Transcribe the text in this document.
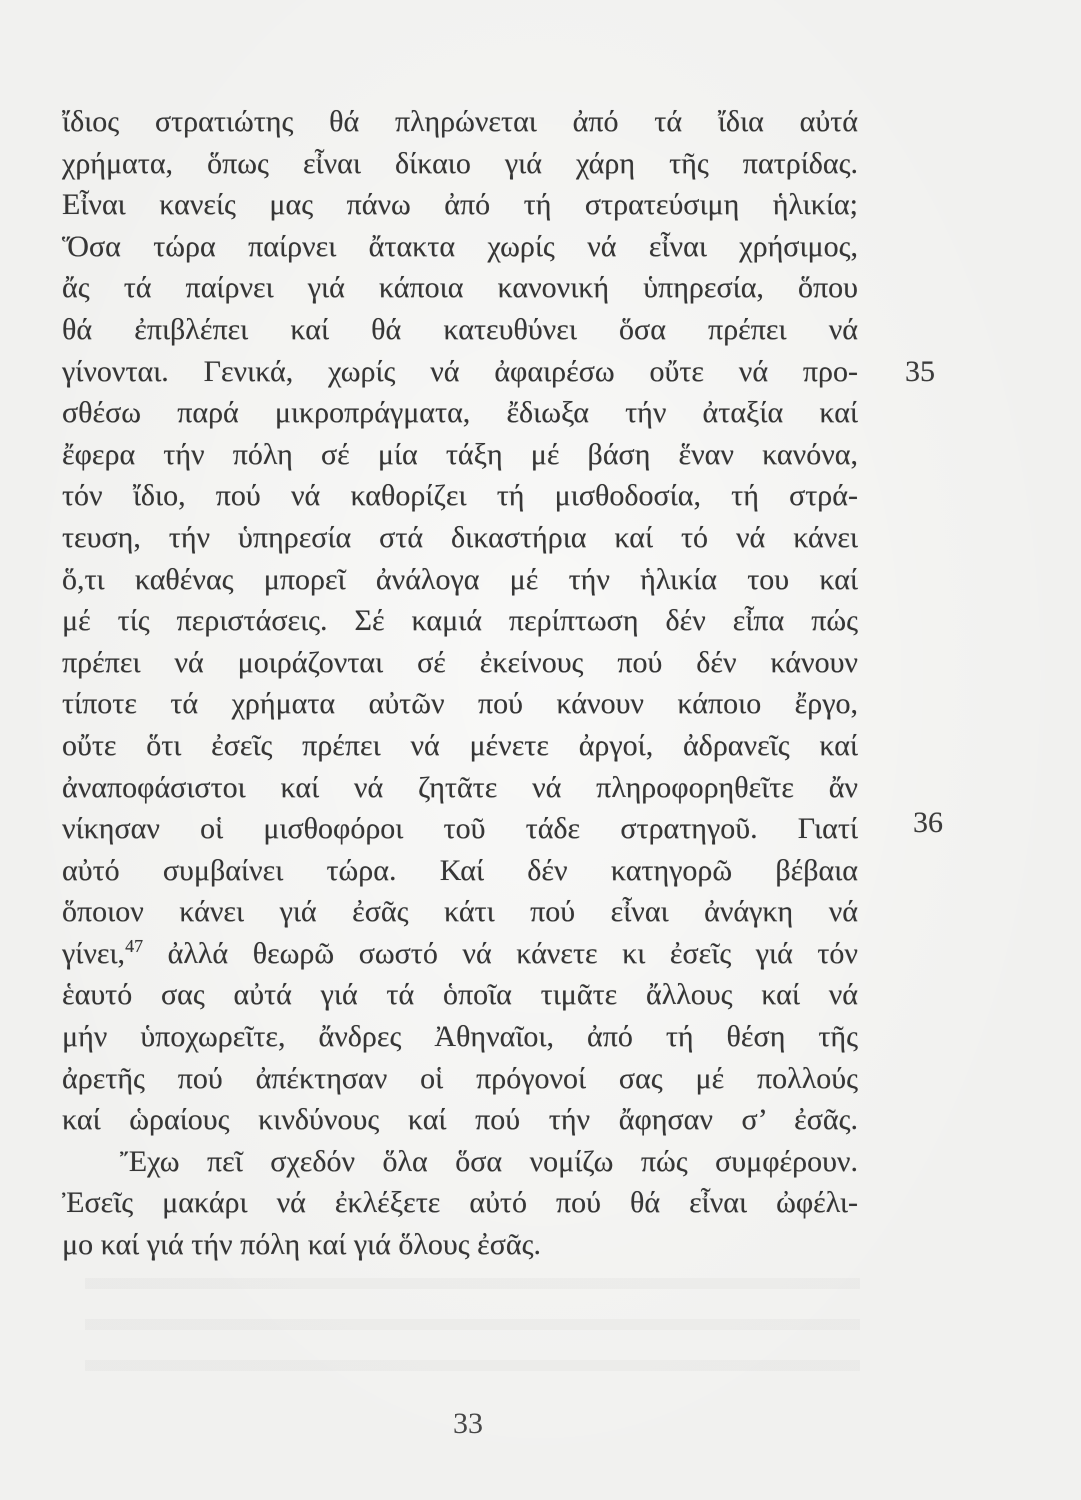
ἴδιος στρατιώτης θά πληρώνεται ἀπό τά ἴδια αὐτά
χρήματα, ὅπως εἶναι δίκαιο γιά χάρη τῆς πατρίδας.
Εἶναι κανείς μας πάνω ἀπό τή στρατεύσιμη ἡλικία;
Ὅσα τώρα παίρνει ἄτακτα χωρίς νά εἶναι χρήσιμος,
ἄς τά παίρνει γιά κάποια κανονική ὑπηρεσία, ὅπου
θά ἐπιβλέπει καί θά κατευθύνει ὅσα πρέπει νά
γίνονται. Γενικά, χωρίς νά ἀφαιρέσω οὔτε νά προ- 35
σθέσω παρά μικροπράγματα, ἔδιωξα τήν ἀταξία καί
ἔφερα τήν πόλη σέ μία τάξη μέ βάση ἕναν κανόνα,
τόν ἴδιο, πού νά καθορίζει τή μισθοδοσία, τή στρά-
τευση, τήν ὑπηρεσία στά δικαστήρια καί τό νά κάνει
ὅ,τι καθένας μπορεῖ ἀνάλογα μέ τήν ἡλικία του καί
μέ τίς περιστάσεις. Σέ καμιά περίπτωση δέν εἶπα πώς
πρέπει νά μοιράζονται σέ ἐκείνους πού δέν κάνουν
τίποτε τά χρήματα αὐτῶν πού κάνουν κάποιο ἔργο,
οὔτε ὅτι ἐσεῖς πρέπει νά μένετε ἀργοί, ἀδρανεῖς καί
ἀναποφάσιστοι καί νά ζητᾶτε νά πληροφορηθεῖτε ἄν
νίκησαν οἱ μισθοφόροι τοῦ τάδε στρατηγοῦ. Γιατί 36
αὐτό συμβαίνει τώρα. Καί δέν κατηγορῶ βέβαια
ὅποιον κάνει γιά ἐσᾶς κάτι πού εἶναι ἀνάγκη νά
γίνει,$^{47}$ ἀλλά θεωρῶ σωστό νά κάνετε κι ἐσεῖς γιά τόν
ἑαυτό σας αὐτά γιά τά ὁποῖα τιμᾶτε ἄλλους καί νά
μήν ὑποχωρεῖτε, ἄνδρες Ἀθηναῖοι, ἀπό τή θέση τῆς
ἀρετῆς πού ἀπέκτησαν οἱ πρόγονοί σας μέ πολλούς
καί ὡραίους κινδύνους καί πού τήν ἄφησαν σ’ ἐσᾶς.
Ἔχω πεῖ σχεδόν ὅλα ὅσα νομίζω πώς συμφέρουν.
Ἐσεῖς μακάρι νά ἐκλέξετε αὐτό πού θά εἶναι ὠφέλι-
μο καί γιά τήν πόλη καί γιά ὅλους ἐσᾶς.
33
